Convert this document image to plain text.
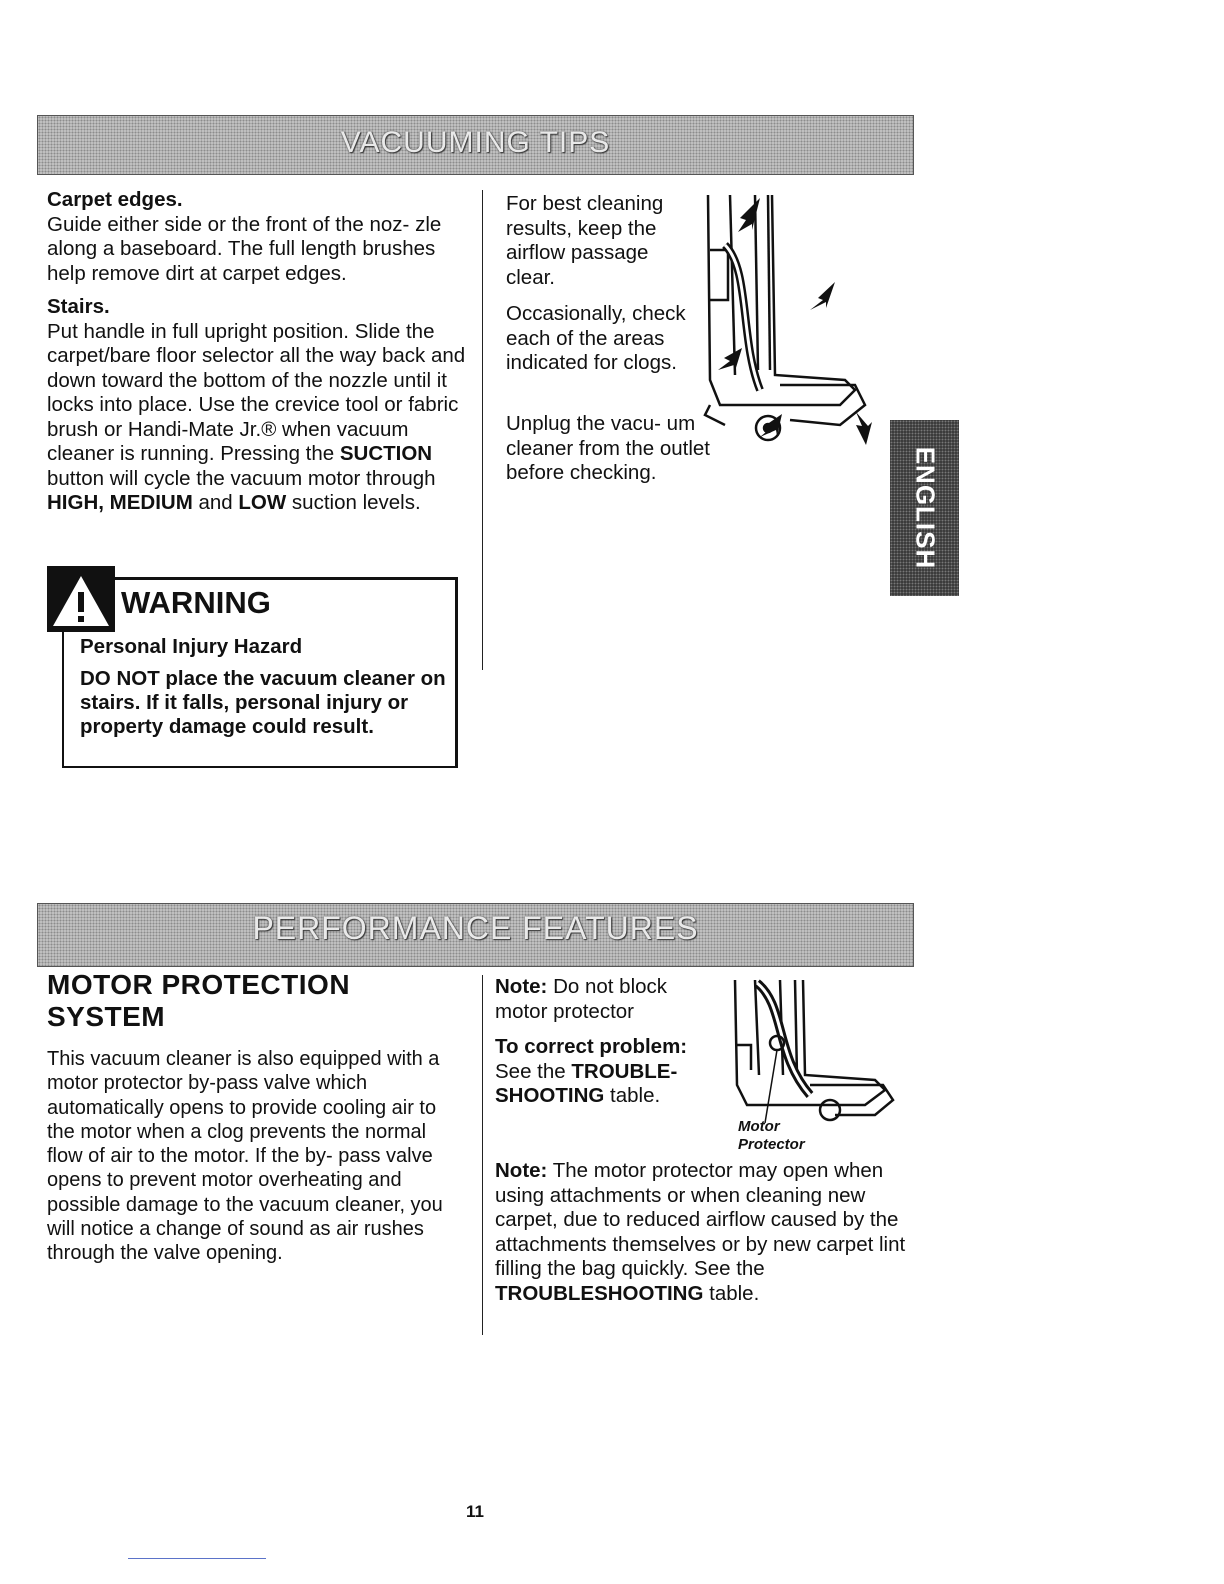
VACUUMING TIPS
Carpet edges.
Guide either side or the front of the noz- zle along a baseboard. The full length brushes help remove dirt at carpet edges.
Stairs.
Put handle in full upright position. Slide the carpet/bare floor selector all the way back and down toward the bottom of the nozzle until it locks into place. Use the crevice tool or fabric brush or Handi-Mate Jr.® when vacuum cleaner is running. Pressing the SUCTION button will cycle the vacuum motor through HIGH, MEDIUM and LOW suction levels.
For best cleaning results, keep the airflow passage clear.
Occasionally, check each of the areas indicated for clogs.
Unplug the vacu- um cleaner from the outlet before checking.	ENGLISH
WARNING
Personal Injury Hazard
DO NOT place the vacuum cleaner on stairs. If it falls, personal injury or property damage could result.
PERFORMANCE FEATURES
MOTOR PROTECTION
SYSTEM
This vacuum cleaner is also equipped with a motor protector by-pass valve which automatically opens to provide cooling air to the motor when a clog prevents the normal flow of air to the motor. If the by- pass valve opens to prevent motor overheating and possible damage to the vacuum cleaner, you will notice a change of sound as air rushes through the valve opening.
Note: Do not block motor protector
To correct problem: See the TROUBLE- SHOOTING table.
Motor Protector
Note: The motor protector may open when using attachments or when cleaning new carpet, due to reduced airflow caused by the attachments themselves or by new carpet lint filling the bag quickly. See the TROUBLESHOOTING table.
11
